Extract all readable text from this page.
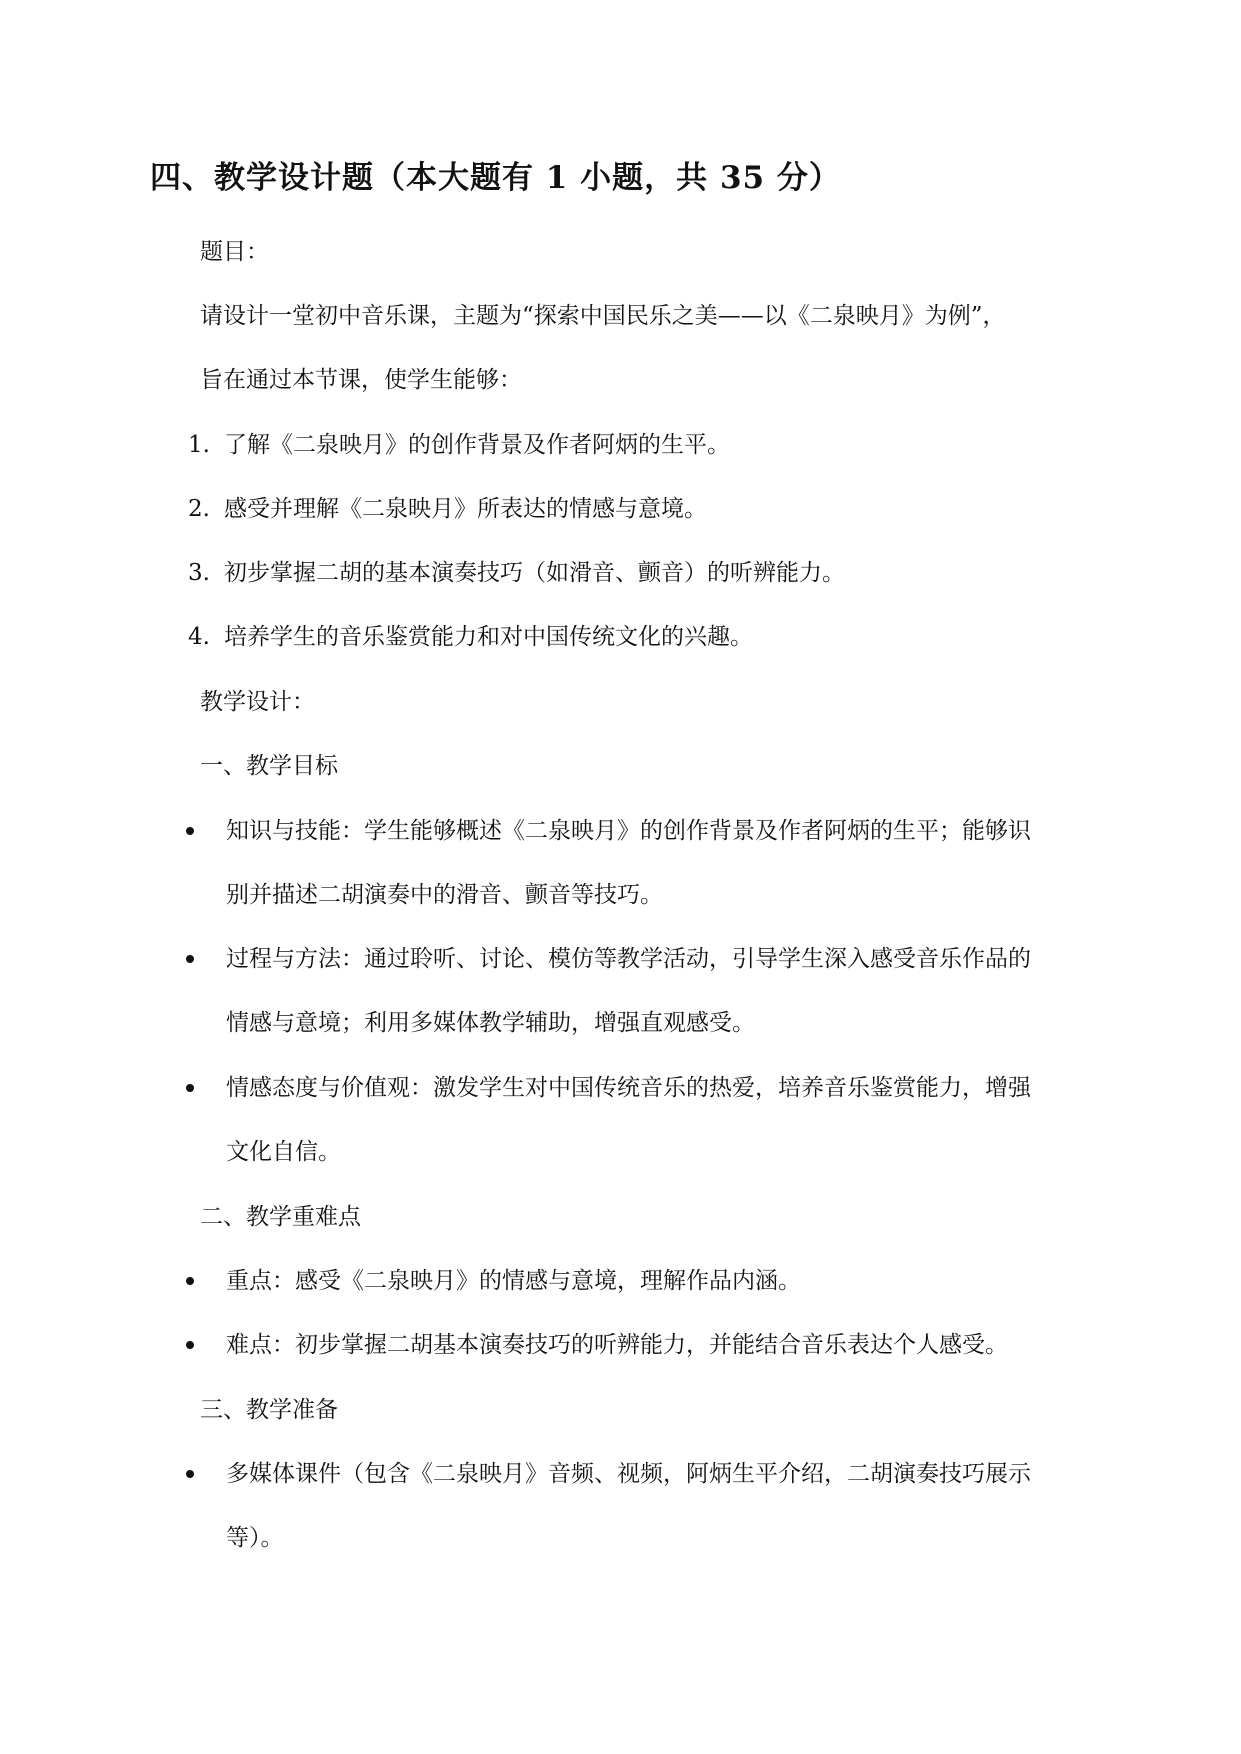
四、教学设计题（本大题有 1 小题，共 35 分）
题目：
请设计一堂初中音乐课，主题为“探索中国民乐之美——以《二泉映月》为例”，
旨在通过本节课，使学生能够：
1. 了解《二泉映月》的创作背景及作者阿炳的生平。
2. 感受并理解《二泉映月》所表达的情感与意境。
3. 初步掌握二胡的基本演奏技巧（如滑音、颤音）的听辨能力。
4. 培养学生的音乐鉴赏能力和对中国传统文化的兴趣。
教学设计：
一、教学目标
知识与技能：学生能够概述《二泉映月》的创作背景及作者阿炳的生平；能够识
别并描述二胡演奏中的滑音、颤音等技巧。
过程与方法：通过聆听、讨论、模仿等教学活动，引导学生深入感受音乐作品的
情感与意境；利用多媒体教学辅助，增强直观感受。
情感态度与价值观：激发学生对中国传统音乐的热爱，培养音乐鉴赏能力，增强
文化自信。
二、教学重难点
重点：感受《二泉映月》的情感与意境，理解作品内涵。
难点：初步掌握二胡基本演奏技巧的听辨能力，并能结合音乐表达个人感受。
三、教学准备
多媒体课件（包含《二泉映月》音频、视频，阿炳生平介绍，二胡演奏技巧展示
等）。
